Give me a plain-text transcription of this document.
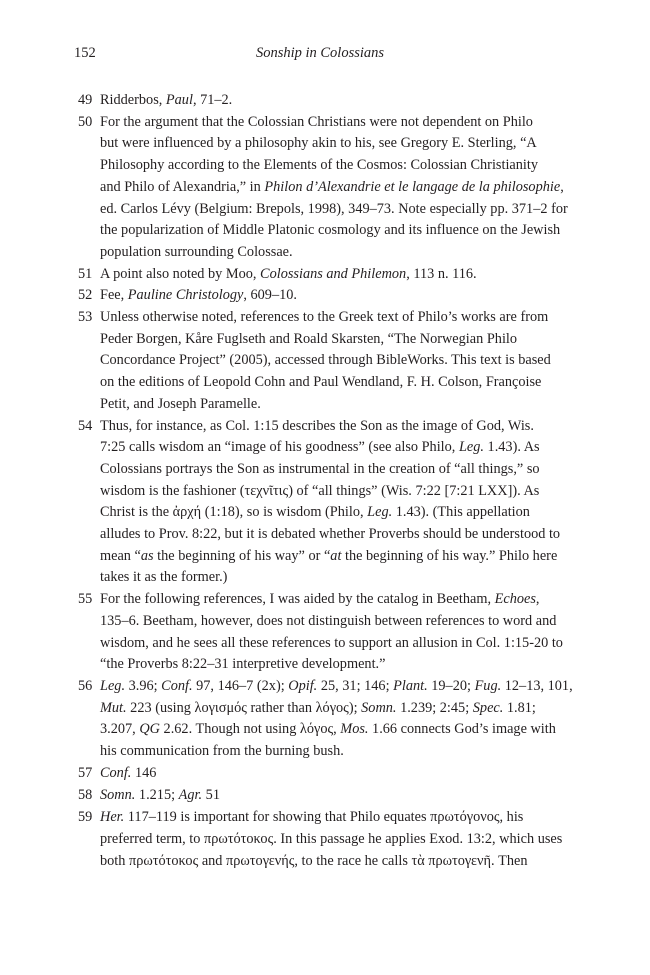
152	Sonship in Colossians
49 Ridderbos, Paul, 71–2.
50 For the argument that the Colossian Christians were not dependent on Philo
but were influenced by a philosophy akin to his, see Gregory E. Sterling, “A
Philosophy according to the Elements of the Cosmos: Colossian Christianity
and Philo of Alexandria,” in Philon d’Alexandrie et le langage de la philosophie,
ed. Carlos Lévy (Belgium: Brepols, 1998), 349–73. Note especially pp. 371–2 for
the popularization of Middle Platonic cosmology and its influence on the Jewish
population surrounding Colossae.
51 A point also noted by Moo, Colossians and Philemon, 113 n. 116.
52 Fee, Pauline Christology, 609–10.
53 Unless otherwise noted, references to the Greek text of Philo’s works are from
Peder Borgen, Kåre Fuglseth and Roald Skarsten, “The Norwegian Philo
Concordance Project” (2005), accessed through BibleWorks. This text is based
on the editions of Leopold Cohn and Paul Wendland, F. H. Colson, Françoise
Petit, and Joseph Paramelle.
54 Thus, for instance, as Col. 1:15 describes the Son as the image of God, Wis.
7:25 calls wisdom an “image of his goodness” (see also Philo, Leg. 1.43). As
Colossians portrays the Son as instrumental in the creation of “all things,” so
wisdom is the fashioner (τεχνῖτις) of “all things” (Wis. 7:22 [7:21 LXX]). As
Christ is the ἀρχή (1:18), so is wisdom (Philo, Leg. 1.43). (This appellation
alludes to Prov. 8:22, but it is debated whether Proverbs should be understood to
mean “as the beginning of his way” or “at the beginning of his way.” Philo here
takes it as the former.)
55 For the following references, I was aided by the catalog in Beetham, Echoes,
135–6. Beetham, however, does not distinguish between references to word and
wisdom, and he sees all these references to support an allusion in Col. 1:15-20 to
“the Proverbs 8:22–31 interpretive development.”
56 Leg. 3.96; Conf. 97, 146–7 (2x); Opif. 25, 31; 146; Plant. 19–20; Fug. 12–13, 101,
Mut. 223 (using λογισμός rather than λόγος); Somn. 1.239; 2:45; Spec. 1.81;
3.207, QG 2.62. Though not using λόγος, Mos. 1.66 connects God’s image with
his communication from the burning bush.
57 Conf. 146
58 Somn. 1.215; Agr. 51
59 Her. 117–119 is important for showing that Philo equates πρωτόγονος, his
preferred term, to πρωτότοκος. In this passage he applies Exod. 13:2, which uses
both πρωτότοκος and πρωτογενής, to the race he calls τὰ πρωτογενῆ. Then
